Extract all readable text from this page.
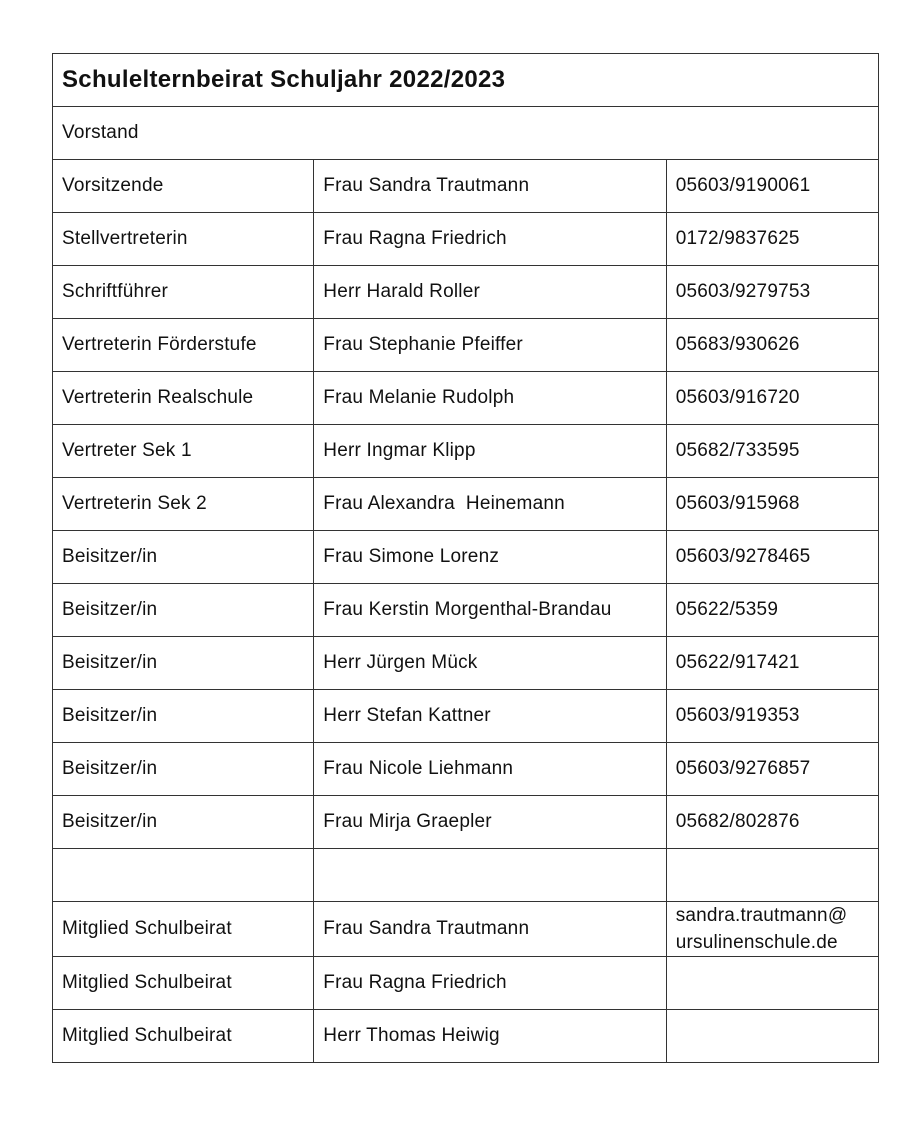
Schulelternbeirat Schuljahr 2022/2023		
Vorstand		
Vorsitzende	Frau Sandra Trautmann	05603/9190061
Stellvertreterin	Frau Ragna Friedrich	0172/9837625
Schriftführer	Herr Harald Roller	05603/9279753
Vertreterin Förderstufe	Frau Stephanie Pfeiffer	05683/930626
Vertreterin Realschule	Frau Melanie Rudolph	05603/916720
Vertreter Sek 1	Herr Ingmar Klipp	05682/733595
Vertreterin Sek 2	Frau Alexandra  Heinemann	05603/915968
Beisitzer/in	Frau Simone Lorenz	05603/9278465
Beisitzer/in	Frau Kerstin Morgenthal-Brandau	05622/5359
Beisitzer/in	Herr Jürgen Mück	05622/917421
Beisitzer/in	Herr Stefan Kattner	05603/919353
Beisitzer/in	Frau Nicole Liehmann	05603/9276857
Beisitzer/in	Frau Mirja Graepler	05682/802876

Mitglied Schulbeirat	Frau Sandra Trautmann	sandra.trautmann@
ursulinenschule.de

Mitglied Schulbeirat	Frau Ragna Friedrich	
Mitglied Schulbeirat	Herr Thomas Heiwig	
